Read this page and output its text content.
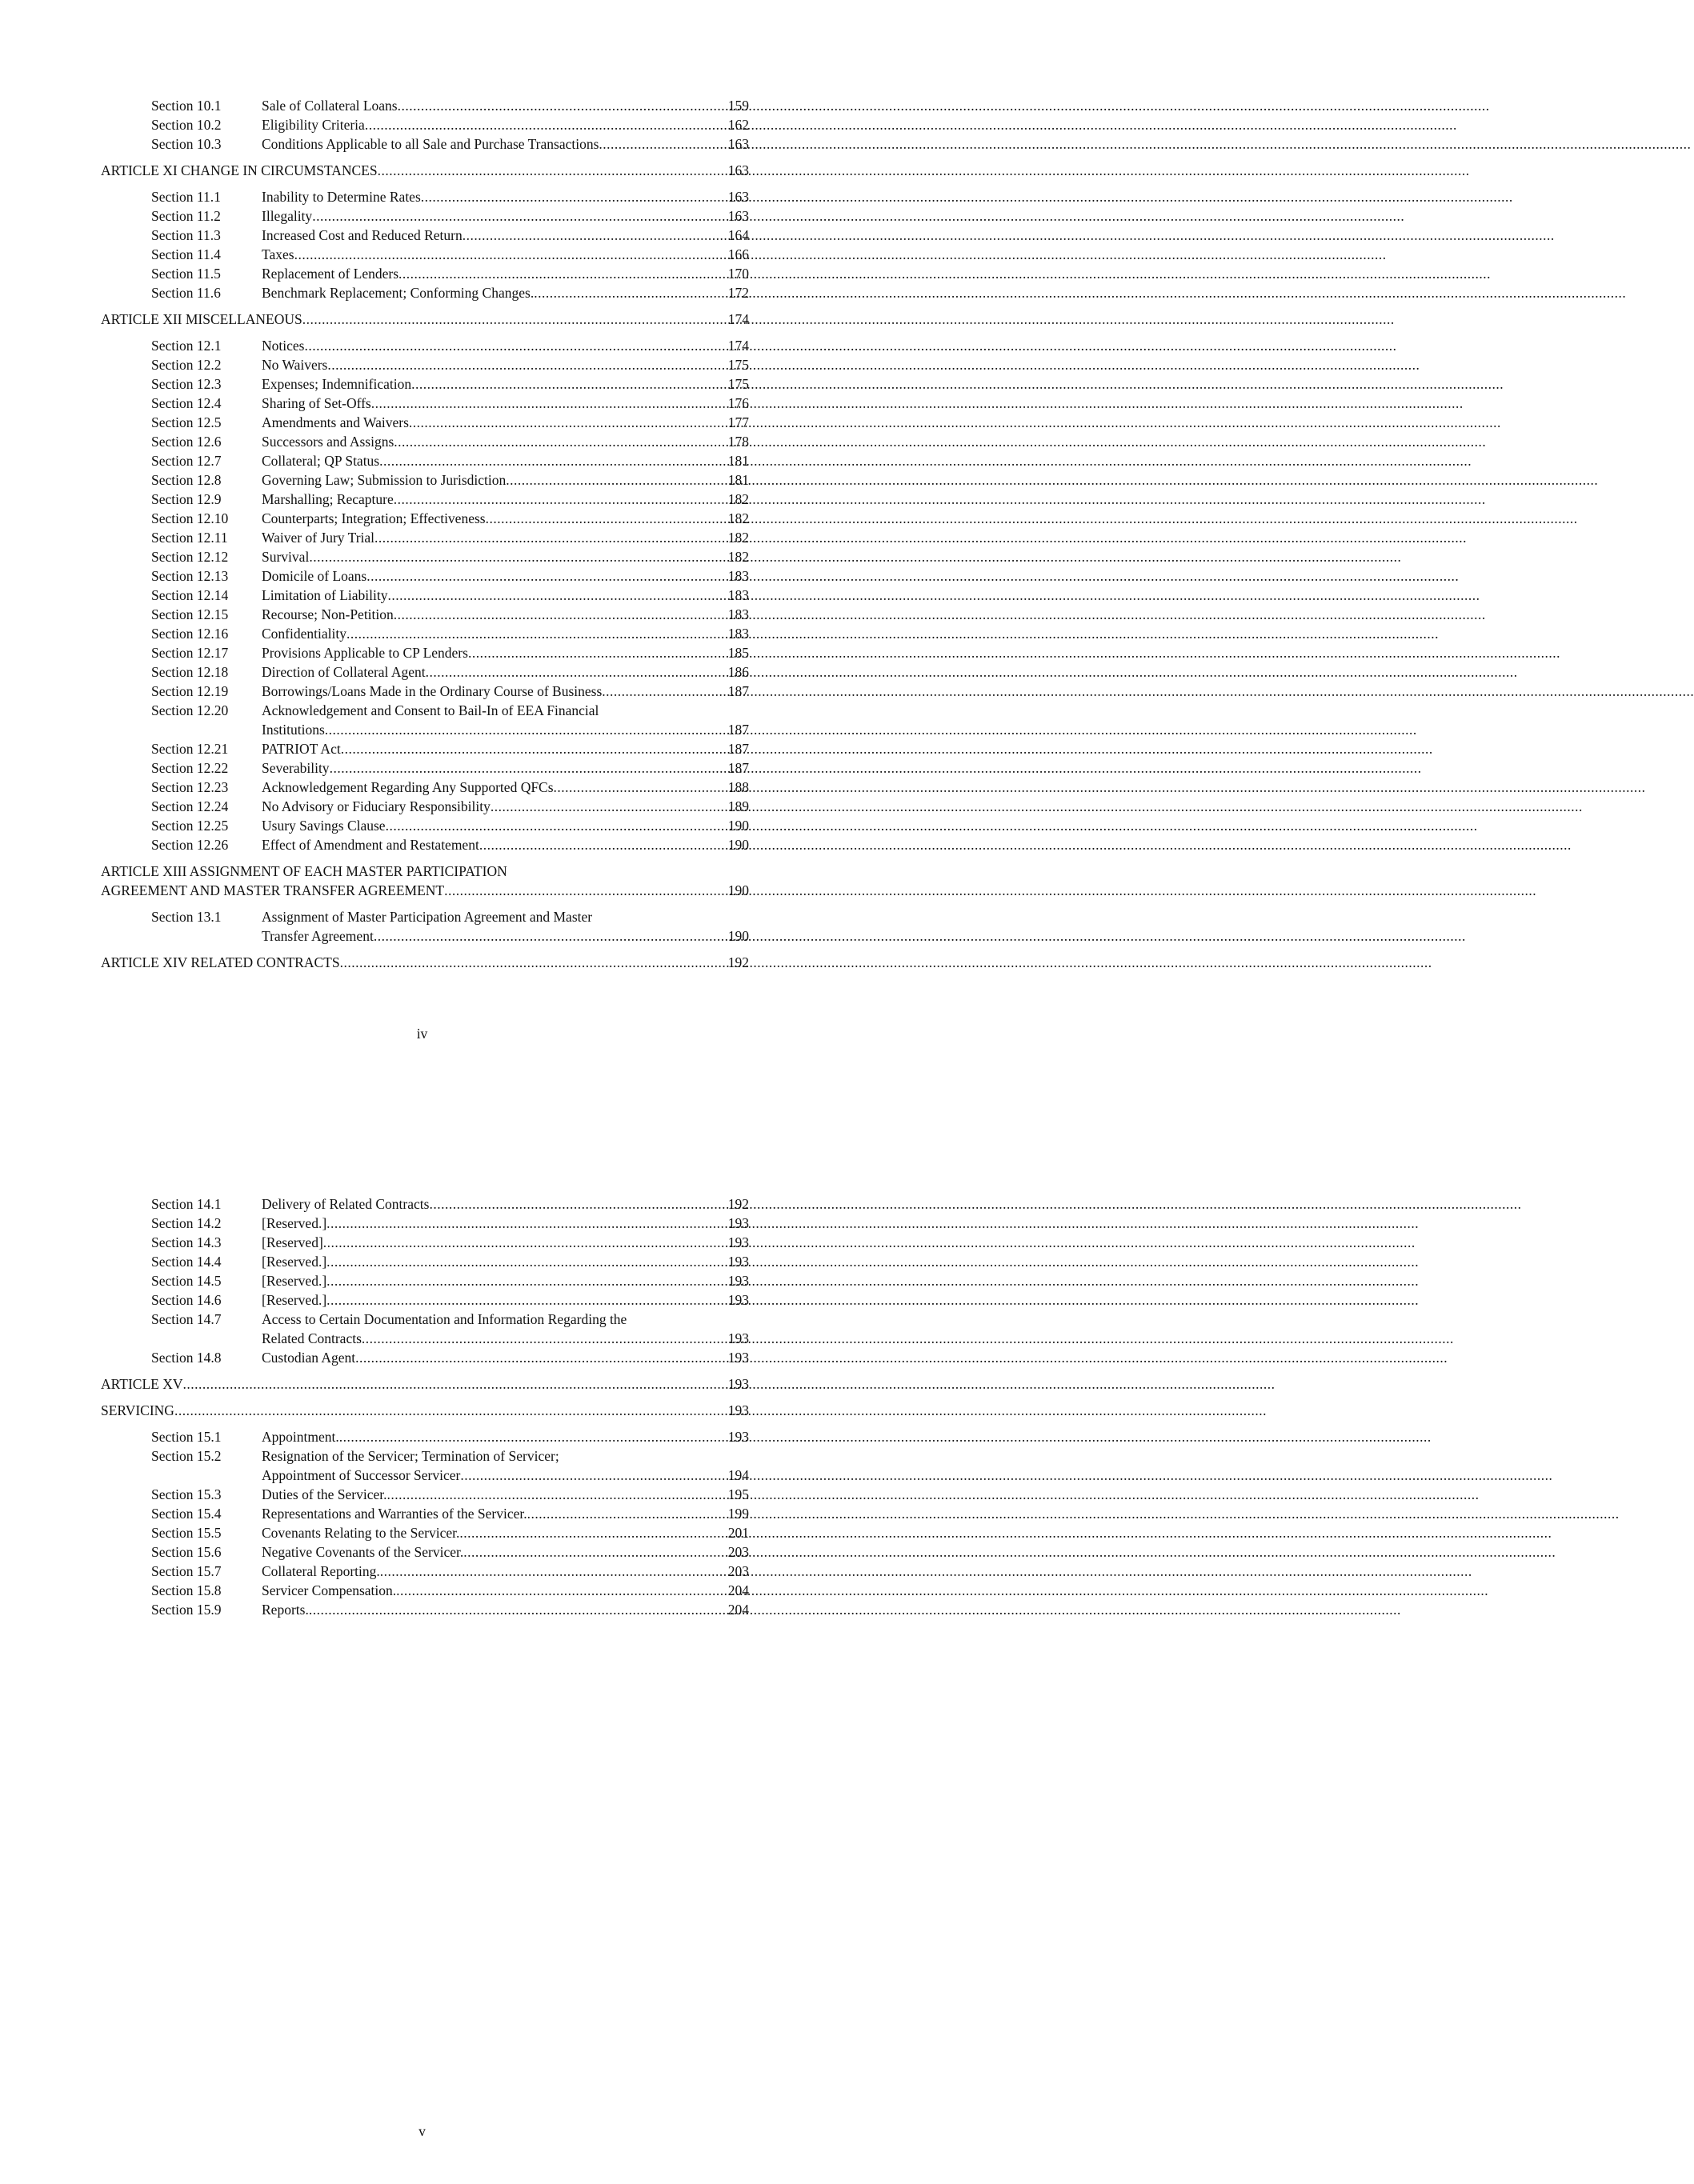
Section 10.1	Sale of Collateral Loans .....	159
Section 10.2	Eligibility Criteria .....	162
Section 10.3	Conditions Applicable to all Sale and Purchase Transactions .....	163
ARTICLE XI CHANGE IN CIRCUMSTANCES .....	163
Section 11.1	Inability to Determine Rates .....	163
Section 11.2	Illegality .....	163
Section 11.3	Increased Cost and Reduced Return .....	164
Section 11.4	Taxes .....	166
Section 11.5	Replacement of Lenders .....	170
Section 11.6	Benchmark Replacement; Conforming Changes. .....	172
ARTICLE XII MISCELLANEOUS .....	174
Section 12.1	Notices .....	174
Section 12.2	No Waivers .....	175
Section 12.3	Expenses; Indemnification .....	175
Section 12.4	Sharing of Set-Offs .....	176
Section 12.5	Amendments and Waivers .....	177
Section 12.6	Successors and Assigns .....	178
Section 12.7	Collateral; QP Status .....	181
Section 12.8	Governing Law; Submission to Jurisdiction .....	181
Section 12.9	Marshalling; Recapture .....	182
Section 12.10	Counterparts; Integration; Effectiveness .....	182
Section 12.11	Waiver of Jury Trial .....	182
Section 12.12	Survival .....	182
Section 12.13	Domicile of Loans .....	183
Section 12.14	Limitation of Liability .....	183
Section 12.15	Recourse; Non-Petition .....	183
Section 12.16	Confidentiality .....	183
Section 12.17	Provisions Applicable to CP Lenders .....	185
Section 12.18	Direction of Collateral Agent .....	186
Section 12.19	Borrowings/Loans Made in the Ordinary Course of Business .....	187
Section 12.20	Acknowledgement and Consent to Bail-In of EEA Financial
Institutions .....	187
Section 12.21	PATRIOT Act .....	187
Section 12.22	Severability .....	187
Section 12.23	Acknowledgement Regarding Any Supported QFCs .....	188
Section 12.24	No Advisory or Fiduciary Responsibility .....	189
Section 12.25	Usury Savings Clause .....	190
Section 12.26	Effect of Amendment and Restatement .....	190
ARTICLE XIII ASSIGNMENT OF EACH MASTER PARTICIPATION
AGREEMENT AND MASTER TRANSFER AGREEMENT .....	190
Section 13.1	Assignment of Master Participation Agreement and Master
Transfer Agreement .....	190
ARTICLE XIV RELATED CONTRACTS .....	192
iv
Section 14.1	Delivery of Related Contracts .....	192
Section 14.2	[Reserved.] .....	193
Section 14.3	[Reserved] .....	193
Section 14.4	[Reserved.] .....	193
Section 14.5	[Reserved.] .....	193
Section 14.6	[Reserved.] .....	193
Section 14.7	Access to Certain Documentation and Information Regarding the
Related Contracts .....	193
Section 14.8	Custodian Agent .....	193
ARTICLE XV .....	193
SERVICING .....	193
Section 15.1	Appointment. .....	193
Section 15.2	Resignation of the Servicer; Termination of Servicer;
Appointment of Successor Servicer .....	194
Section 15.3	Duties of the Servicer. .....	195
Section 15.4	Representations and Warranties of the Servicer. .....	199
Section 15.5	Covenants Relating to the Servicer. .....	201
Section 15.6	Negative Covenants of the Servicer. .....	203
Section 15.7	Collateral Reporting. .....	203
Section 15.8	Servicer Compensation. .....	204
Section 15.9	Reports. .....	204
v
